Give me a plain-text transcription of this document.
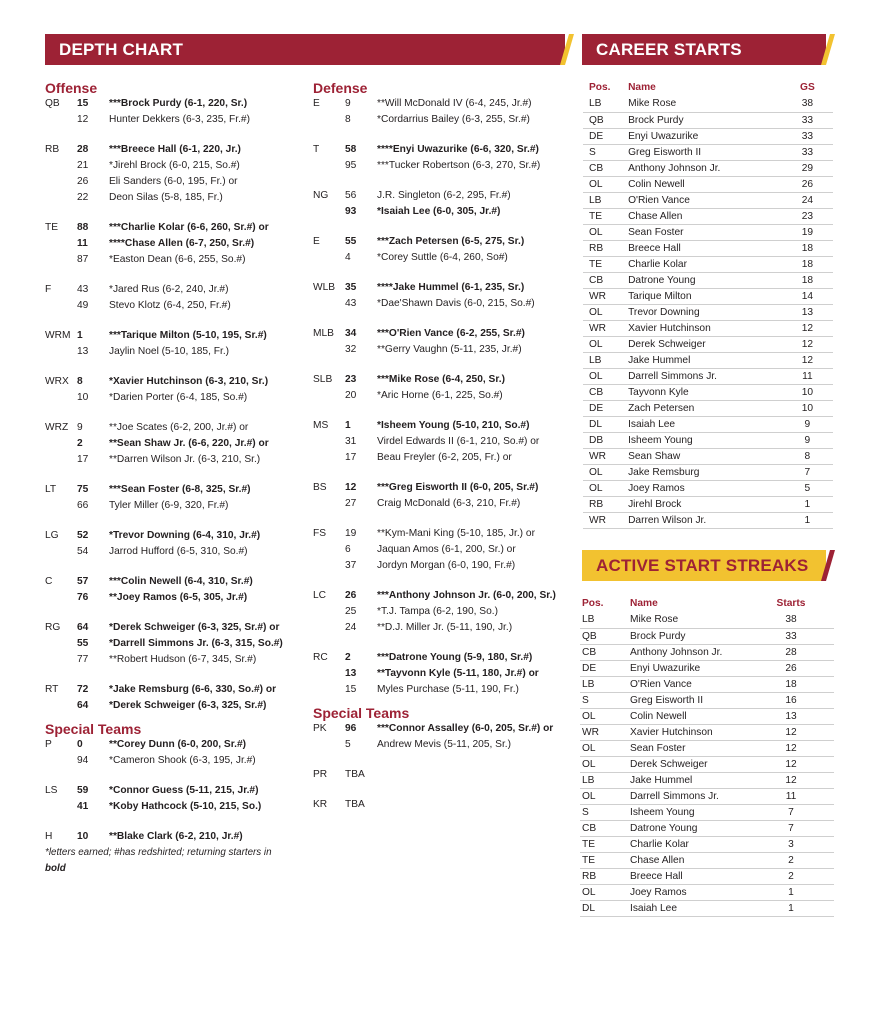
DEPTH CHART	CAREER STARTS
ACTIVE START STREAKS
Offense
QB	15	***Brock Purdy (6-1, 220, Sr.)
12	Hunter Dekkers (6-3, 235, Fr.#)
RB	28	***Breece Hall (6-1, 220, Jr.)
21	*Jirehl Brock (6-0, 215, So.#)
26	Eli Sanders (6-0, 195, Fr.) or
22	Deon Silas (5-8, 185, Fr.)
TE	88	***Charlie Kolar (6-6, 260, Sr.#) or
11	****Chase Allen (6-7, 250, Sr.#)
87	*Easton Dean (6-6, 255, So.#)
F	43	*Jared Rus (6-2, 240, Jr.#)
49	Stevo Klotz (6-4, 250, Fr.#)
WRM 1	***Tarique Milton (5-10, 195, Sr.#)
13	Jaylin Noel (5-10, 185, Fr.)
WRX 8	*Xavier Hutchinson (6-3, 210, Sr.)
10	*Darien Porter (6-4, 185, So.#)
WRZ 9	**Joe Scates (6-2, 200, Jr.#) or
2	**Sean Shaw Jr. (6-6, 220, Jr.#) or
17	**Darren Wilson Jr. (6-3, 210, Sr.)
LT	75	***Sean Foster (6-8, 325, Sr.#)
66	Tyler Miller (6-9, 320, Fr.#)
LG	52	*Trevor Downing (6-4, 310, Jr.#)
54	Jarrod Hufford (6-5, 310, So.#)
C	57	***Colin Newell (6-4, 310, Sr.#)
76	**Joey Ramos (6-5, 305, Jr.#)
RG	64	*Derek Schweiger (6-3, 325, Sr.#) or
55	*Darrell Simmons Jr. (6-3, 315, So.#)
77	**Robert Hudson (6-7, 345, Sr.#)
RT	72	*Jake Remsburg (6-6, 330, So.#) or
64	*Derek Schweiger (6-3, 325, Sr.#)
Special Teams
P	0	**Corey Dunn (6-0, 200, Sr.#)
94	*Cameron Shook (6-3, 195, Jr.#)
LS	59	*Connor Guess (5-11, 215, Jr.#)
41	*Koby Hathcock (5-10, 215, So.)
H	10	**Blake Clark (6-2, 210, Jr.#)
*letters earned; #has redshirted; returning starters in bold
Defense
E	9	**Will McDonald IV (6-4, 245, Jr.#)
8	*Cordarrius Bailey (6-3, 255, Sr.#)
T	58	****Enyi Uwazurike (6-6, 320, Sr.#)
95	***Tucker Robertson (6-3, 270, Sr.#)
NG	56	J.R. Singleton (6-2, 295, Fr.#)
93	*Isaiah Lee (6-0, 305, Jr.#)
E	55	***Zach Petersen (6-5, 275, Sr.)
4	*Corey Suttle (6-4, 260, So#)
WLB 35	****Jake Hummel (6-1, 235, Sr.)
43	*Dae'Shawn Davis (6-0, 215, So.#)
MLB	34	***O'Rien Vance (6-2, 255, Sr.#)
32	**Gerry Vaughn (5-11, 235, Jr.#)
SLB	23	***Mike Rose (6-4, 250, Sr.)
20	*Aric Horne (6-1, 225, So.#)
MS	1	*Isheem Young (5-10, 210, So.#)
31	Virdel Edwards II (6-1, 210, So.#) or
17	Beau Freyler (6-2, 205, Fr.) or
BS	12	***Greg Eisworth II (6-0, 205, Sr.#)
27	Craig McDonald (6-3, 210, Fr.#)
FS	19	**Kym-Mani King (5-10, 185, Jr.) or
6	Jaquan Amos (6-1, 200, Sr.) or
37	Jordyn Morgan (6-0, 190, Fr.#)
LC	26	***Anthony Johnson Jr. (6-0, 200, Sr.)
25	*T.J. Tampa (6-2, 190, So.)
24	**D.J. Miller Jr. (5-11, 190, Jr.)
RC	2	***Datrone Young (5-9, 180, Sr.#)
13	**Tayvonn Kyle (5-11, 180, Jr.#) or
15	Myles Purchase (5-11, 190, Fr.)
Special Teams
PK	96	***Connor Assalley (6-0, 205, Sr.#) or
5	Andrew Mevis (5-11, 205, Sr.)
PR	TBA
KR	TBA
Pos.	Name	GS
LB	Mike Rose	38
QB	Brock Purdy	33
DE	Enyi Uwazurike	33
S	Greg Eisworth II	33
CB	Anthony Johnson Jr.	29
OL	Colin Newell	26
LB	O'Rien Vance	24
TE	Chase Allen	23
OL	Sean Foster	19
RB	Breece Hall	18
TE	Charlie Kolar	18
CB	Datrone Young	18
WR	Tarique Milton	14
OL	Trevor Downing	13
WR	Xavier Hutchinson	12
OL	Derek Schweiger	12
LB	Jake Hummel	12
OL	Darrell Simmons Jr.	11
CB	Tayvonn Kyle	10
DE	Zach Petersen	10
DL	Isaiah Lee	9
DB	Isheem Young	9
WR	Sean Shaw	8
OL	Jake Remsburg	7
OL	Joey Ramos	5
RB	Jirehl Brock	1
WR	Darren Wilson Jr.	1
Pos.	Name	Starts
LB	Mike Rose	38
QB	Brock Purdy	33
CB	Anthony Johnson Jr.	28
DE	Enyi Uwazurike	26
LB	O'Rien Vance	18
S	Greg Eisworth II	16
OL	Colin Newell	13
WR	Xavier Hutchinson	12
OL	Sean Foster	12
OL	Derek Schweiger	12
LB	Jake Hummel	12
OL	Darrell Simmons Jr.	11
S	Isheem Young	7
CB	Datrone Young	7
TE	Charlie Kolar	3
TE	Chase Allen	2
RB	Breece Hall	2
OL	Joey Ramos	1
DL	Isaiah Lee	1
